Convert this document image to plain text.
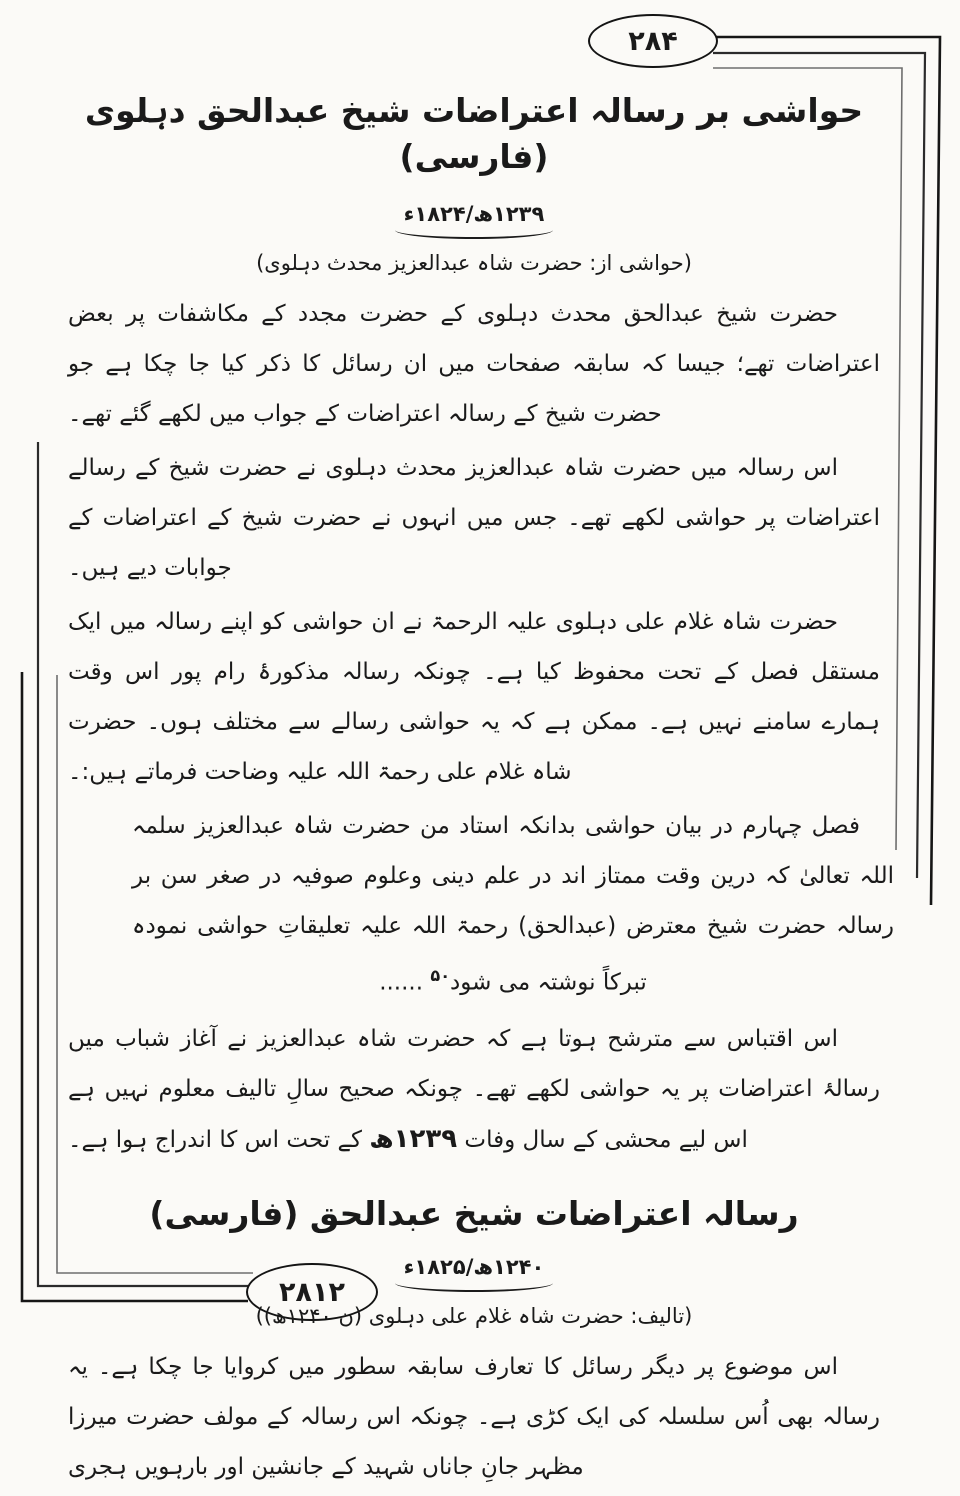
۲۸۴
۲۸۱۲
حواشی بر رسالہ اعتراضات شیخ عبدالحق دہلوی (فارسی)
۱۲۳۹ھ/۱۸۲۴ء
(حواشی از: حضرت شاہ عبدالعزیز محدث دہلوی)

حضرت شیخ عبدالحق محدث دہلوی کے حضرت مجدد کے مکاشفات پر بعض اعتراضات تھے؛ جیسا کہ سابقہ صفحات میں ان رسائل کا ذکر کیا جا چکا ہے جو حضرت شیخ کے رسالہ اعتراضات کے جواب میں لکھے گئے تھے۔

اس رسالہ میں حضرت شاہ عبدالعزیز محدث دہلوی نے حضرت شیخ کے رسالے اعتراضات پر حواشی لکھے تھے۔ جس میں انہوں نے حضرت شیخ کے اعتراضات کے جوابات دیے ہیں۔

حضرت شاہ غلام علی دہلوی علیہ الرحمۃ نے ان حواشی کو اپنے رسالہ میں ایک مستقل فصل کے تحت محفوظ کیا ہے۔ چونکہ رسالہ مذکورۂ رام پور اس وقت ہمارے سامنے نہیں ہے۔ ممکن ہے کہ یہ حواشی رسالے سے مختلف ہوں۔ حضرت شاہ غلام علی رحمۃ اللہ علیہ وضاحت فرماتے ہیں:۔

فصل چہارم در بیان حواشی بدانکہ استاد من حضرت شاہ عبدالعزیز سلمہ اللہ تعالیٰ کہ درین وقت ممتاز اند در علم دینی وعلوم صوفیہ در صغر سن بر رسالہ حضرت شیخ معترض (عبدالحق) رحمۃ اللہ علیہ تعلیقاتِ حواشی نمودہ تبرکاً نوشتہ می شود$^{۵۰}$ ......

اس اقتباس سے مترشح ہوتا ہے کہ حضرت شاہ عبدالعزیز نے آغاز شباب میں رسالۂ اعتراضات پر یہ حواشی لکھے تھے۔ چونکہ صحیح سالِ تالیف معلوم نہیں ہے اس لیے محشی کے سال وفات ۱۲۳۹ھ کے تحت اس کا اندراج ہوا ہے۔

رسالہ اعتراضات شیخ عبدالحق (فارسی)
۱۲۴۰ھ/۱۸۲۵ء
(تالیف: حضرت شاہ غلام علی دہلوی (ن ۱۲۴۰ھ))

اس موضوع پر دیگر رسائل کا تعارف سابقہ سطور میں کروایا جا چکا ہے۔ یہ رسالہ بھی اُس سلسلہ کی ایک کڑی ہے۔ چونکہ اس رسالہ کے مولف حضرت میرزا مظہر جانِ جاناں شہید کے جانشین اور بارہویں ہجری
